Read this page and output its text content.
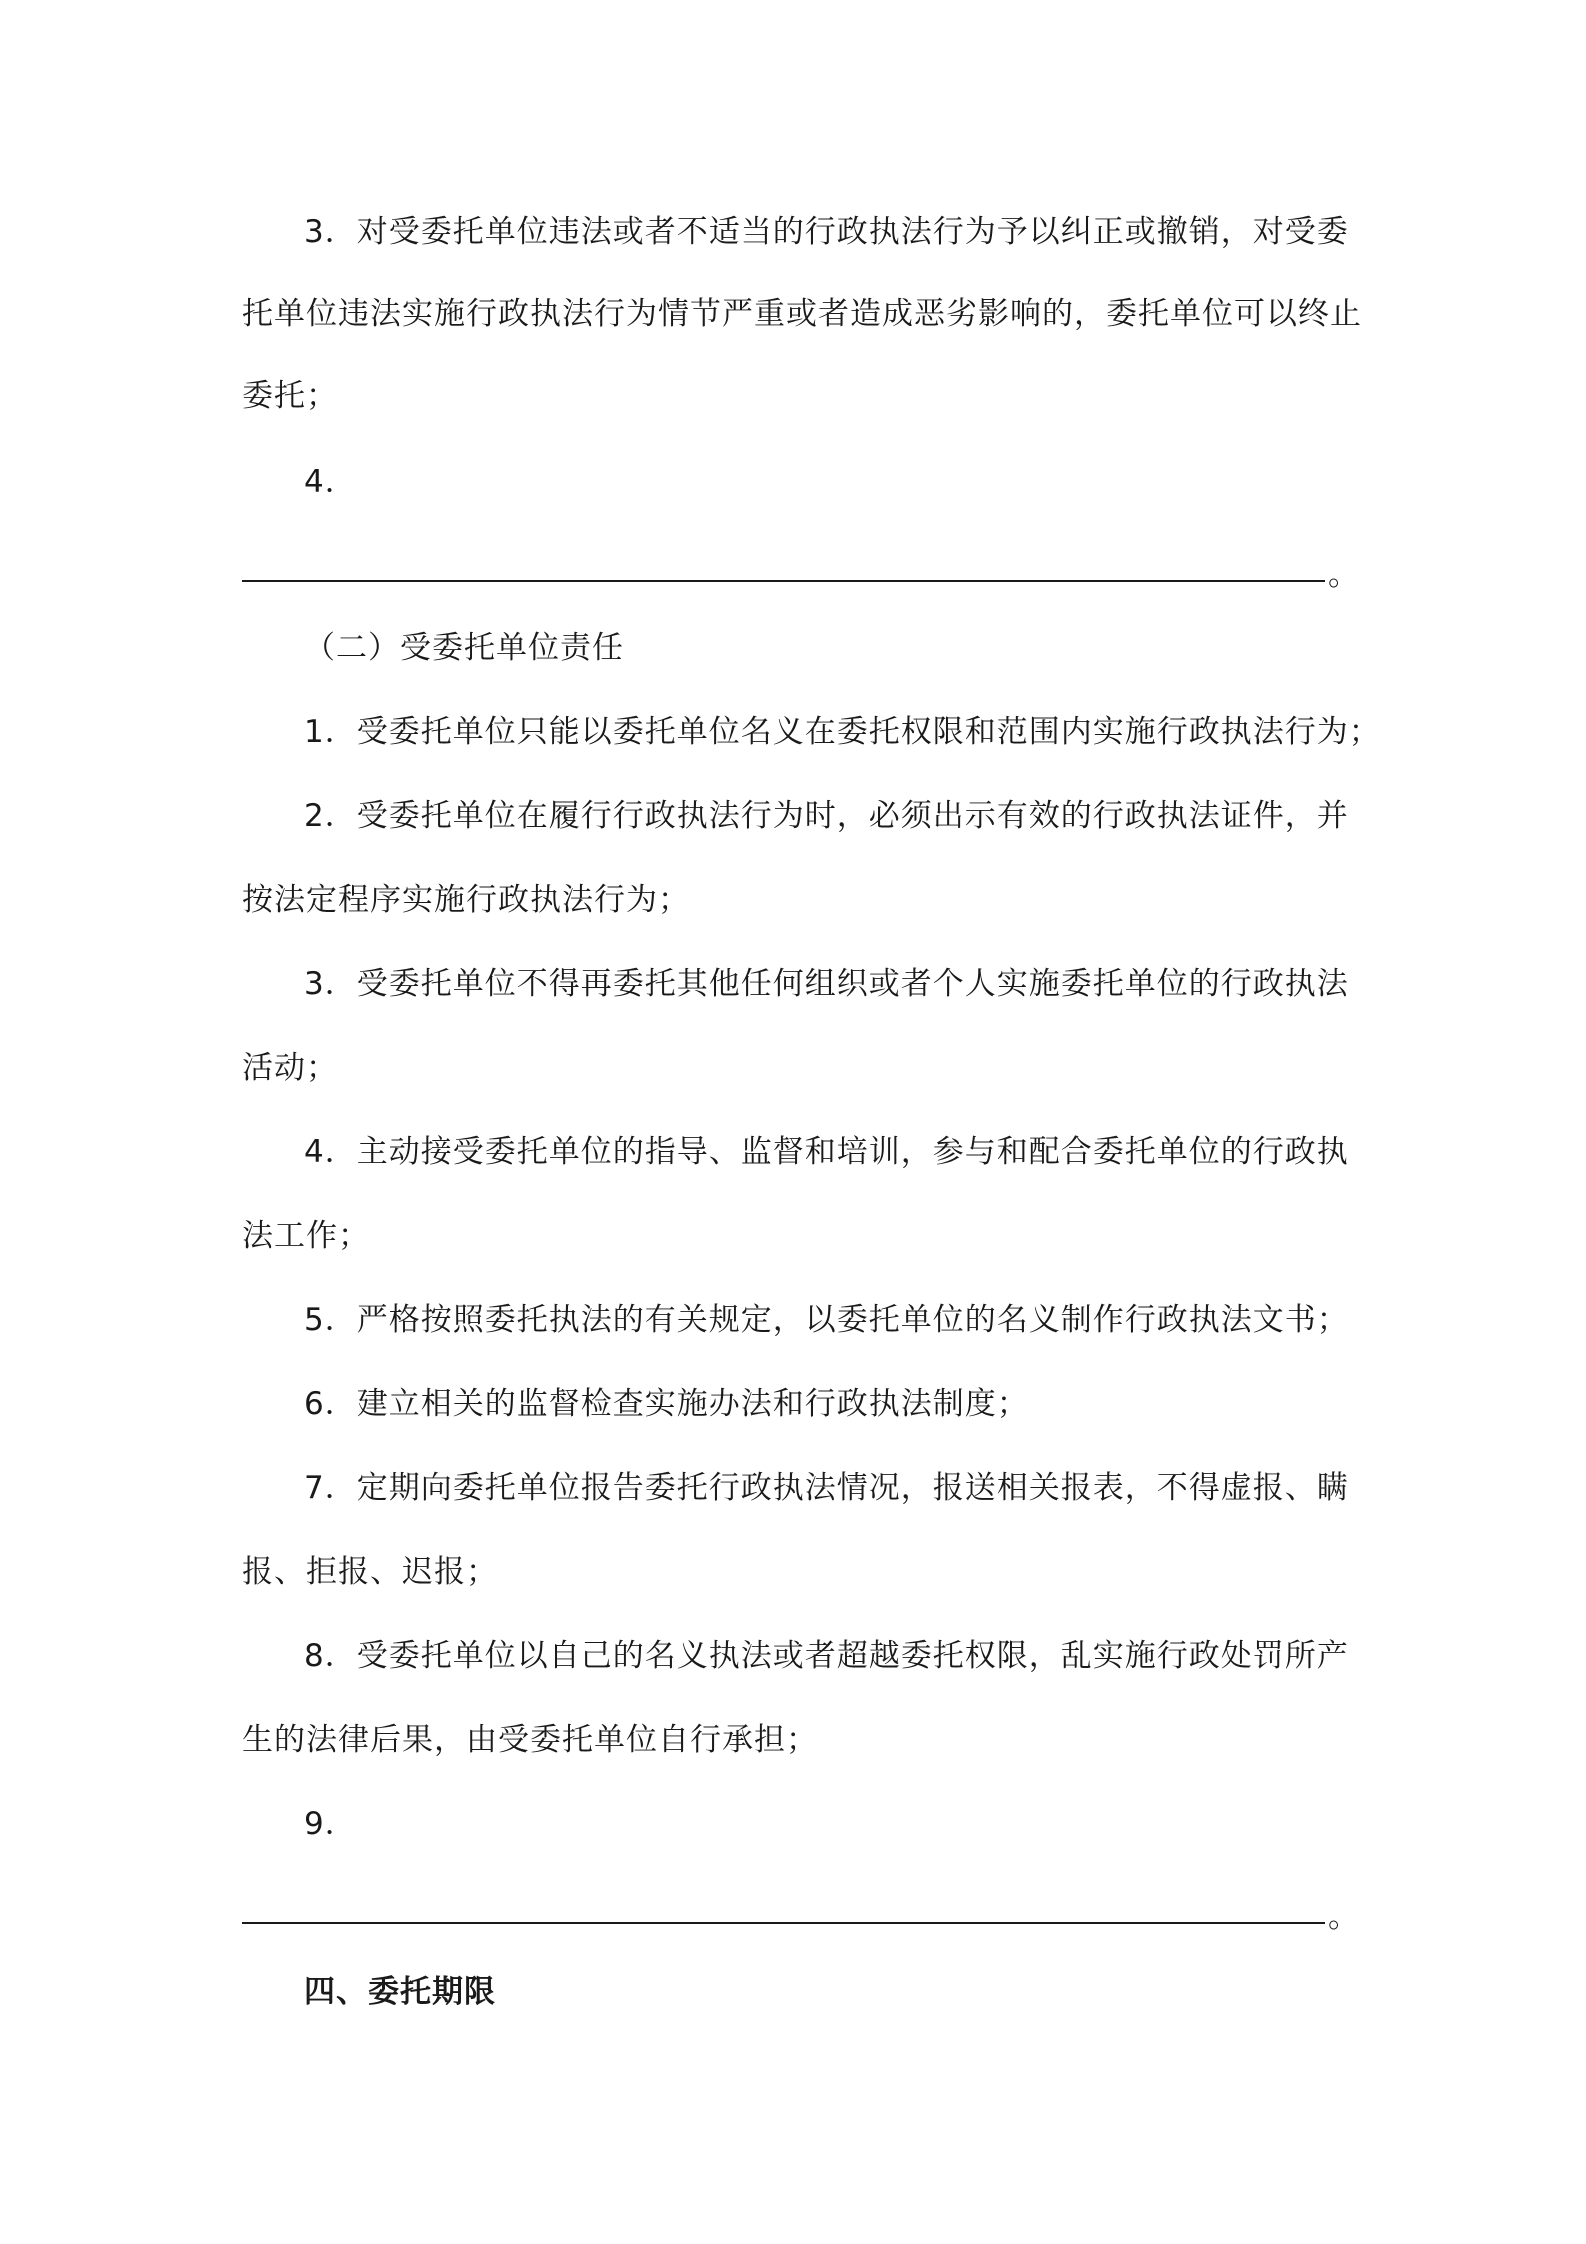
3．对受委托单位违法或者不适当的行政执法行为予以纠正或撤销，对受委
托单位违法实施行政执法行为情节严重或者造成恶劣影响的，委托单位可以终止
委托；
4．
。
（二）受委托单位责任
1．受委托单位只能以委托单位名义在委托权限和范围内实施行政执法行为；
2．受委托单位在履行行政执法行为时，必须出示有效的行政执法证件，并
按法定程序实施行政执法行为；
3．受委托单位不得再委托其他任何组织或者个人实施委托单位的行政执法
活动；
4．主动接受委托单位的指导、监督和培训，参与和配合委托单位的行政执
法工作；
5．严格按照委托执法的有关规定，以委托单位的名义制作行政执法文书；
6．建立相关的监督检查实施办法和行政执法制度；
7．定期向委托单位报告委托行政执法情况，报送相关报表，不得虚报、瞒
报、拒报、迟报；
8．受委托单位以自己的名义执法或者超越委托权限，乱实施行政处罚所产
生的法律后果，由受委托单位自行承担；
9．
。
四、委托期限
